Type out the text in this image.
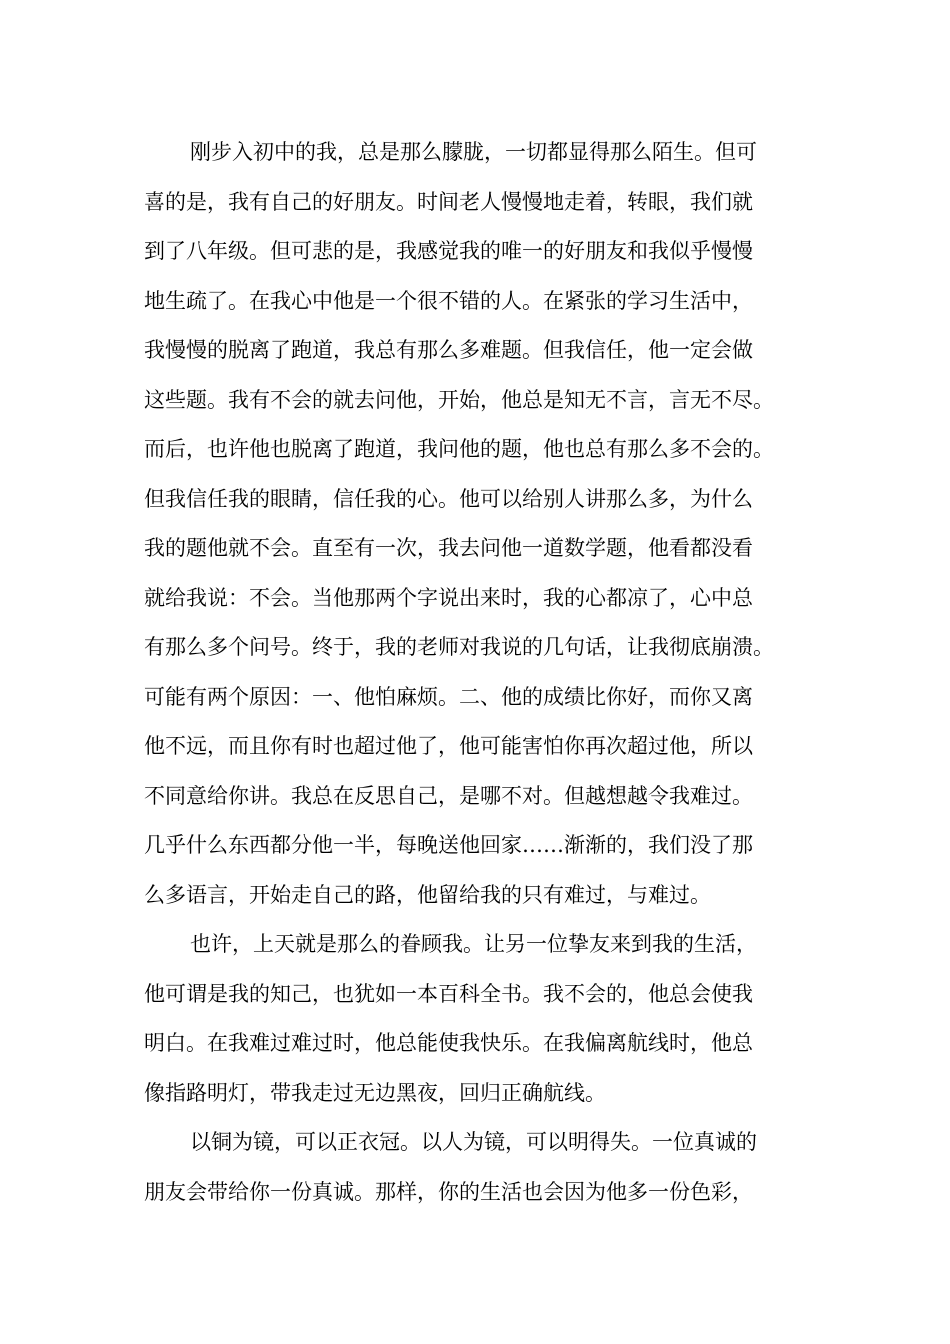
刚步入初中的我，总是那么朦胧，一切都显得那么陌生。但可
喜的是，我有自己的好朋友。时间老人慢慢地走着，转眼，我们就
到了八年级。但可悲的是，我感觉我的唯一的好朋友和我似乎慢慢
地生疏了。在我心中他是一个很不错的人。在紧张的学习生活中，
我慢慢的脱离了跑道，我总有那么多难题。但我信任，他一定会做
这些题。我有不会的就去问他，开始，他总是知无不言，言无不尽。
而后，也许他也脱离了跑道，我问他的题，他也总有那么多不会的。
但我信任我的眼睛，信任我的心。他可以给别人讲那么多，为什么
我的题他就不会。直至有一次，我去问他一道数学题，他看都没看
就给我说：不会。当他那两个字说出来时，我的心都凉了，心中总
有那么多个问号。终于，我的老师对我说的几句话，让我彻底崩溃。
可能有两个原因：一、他怕麻烦。二、他的成绩比你好，而你又离
他不远，而且你有时也超过他了，他可能害怕你再次超过他，所以
不同意给你讲。我总在反思自己，是哪不对。但越想越令我难过。
几乎什么东西都分他一半，每晚送他回家……渐渐的，我们没了那
么多语言，开始走自己的路，他留给我的只有难过，与难过。
也许，上天就是那么的眷顾我。让另一位挚友来到我的生活，
他可谓是我的知己，也犹如一本百科全书。我不会的，他总会使我
明白。在我难过难过时，他总能使我快乐。在我偏离航线时，他总
像指路明灯，带我走过无边黑夜，回归正确航线。
以铜为镜，可以正衣冠。以人为镜，可以明得失。一位真诚的
朋友会带给你一份真诚。那样，你的生活也会因为他多一份色彩，
